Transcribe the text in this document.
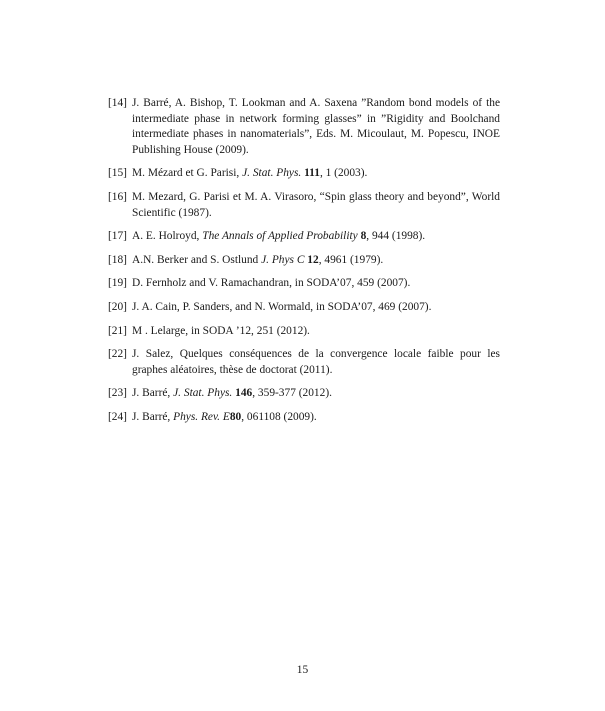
[14] J. Barré, A. Bishop, T. Lookman and A. Saxena ”Random bond models of the intermediate phase in network forming glasses” in ”Rigidity and Boolchand intermediate phases in nanomaterials”, Eds. M. Micoulaut, M. Popescu, INOE Publishing House (2009).
[15] M. Mézard et G. Parisi, J. Stat. Phys. 111, 1 (2003).
[16] M. Mezard, G. Parisi et M. A. Virasoro, “Spin glass theory and beyond”, World Scientific (1987).
[17] A. E. Holroyd, The Annals of Applied Probability 8, 944 (1998).
[18] A.N. Berker and S. Ostlund J. Phys C 12, 4961 (1979).
[19] D. Fernholz and V. Ramachandran, in SODA’07, 459 (2007).
[20] J. A. Cain, P. Sanders, and N. Wormald, in SODA’07, 469 (2007).
[21] M . Lelarge, in SODA ’12, 251 (2012).
[22] J. Salez, Quelques conséquences de la convergence locale faible pour les graphes aléatoires, thèse de doctorat (2011).
[23] J. Barré, J. Stat. Phys. 146, 359-377 (2012).
[24] J. Barré, Phys. Rev. E80, 061108 (2009).
15
